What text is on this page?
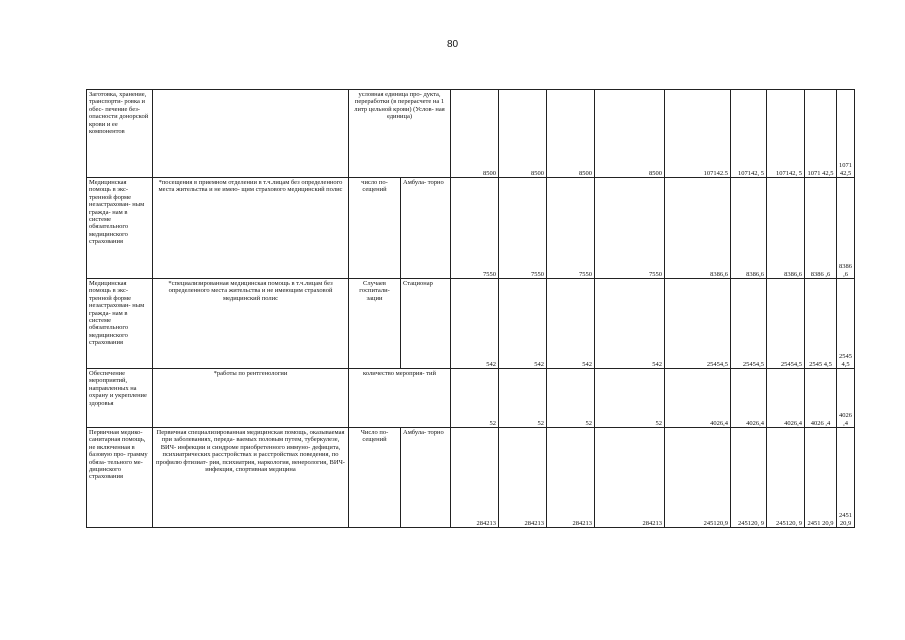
80
Заготовка, хранение, транспорти- ровка и обес- печение без- опасности донорской крови и ее компонентов		условная единица про- дукта, переработки (в перерасчете на 1 литр цельной крови) (Услов- ная единица)		8500	8500	8500	8500	107142.5	107142, 5	107142, 5	1071 42,5	1071 42,5
Медицинская помощь в экс- тренной форме незастрахован- ным гражда- нам в системе обязательного медицинского страхования	*посещения в приемном отделении в т.ч.лицам без определенного места жительства и не имею- щим страхового медицинский полис	число по- сещений	Амбула- торно	7550	7550	7550	7550	8386,6	8386,6	8386,6	8386 ,6	8386 ,6
Медицинская помощь в экс- тренной форме незастрахован- ным гражда- нам в системе обязательного медицинского страхования	*специализированная медицинская помощь в т.ч.лицам без определенного места жительства и не имеющим страховой медицинский полис	Случаев госпитали- зации	Стационар	542	542	542	542	25454,5	25454,5	25454,5	2545 4,5	2545 4,5
Обеспечение мероприятий, направленных на охрану и укрепление здоровья	*работы по рентгенологии	количество мероприя- тий		52	52	52	52	4026,4	4026,4	4026,4	4026 ,4	4026 ,4
Первичная медико- санитарная помощь, не включенная в базовую про- грамму обяза- тельного ме- дицинского страхования	Первичная специализированная медицинская помощь, оказываемая при заболеваниях, переда- ваемых половым путем, туберкулезе, ВИЧ- инфекции и синдроме приобретенного иммуно- дефицита, психиатрических расстройствах и расстройствах поведения, по профилю фтизиат- рия, психиатрия, наркология, венерология, ВИЧ- инфекция, спортивная медицина	Число по- сещений	Амбула- торно	284213	284213	284213	284213	245120,9	245120, 9	245120, 9	2451 20,9	2451 20,9
